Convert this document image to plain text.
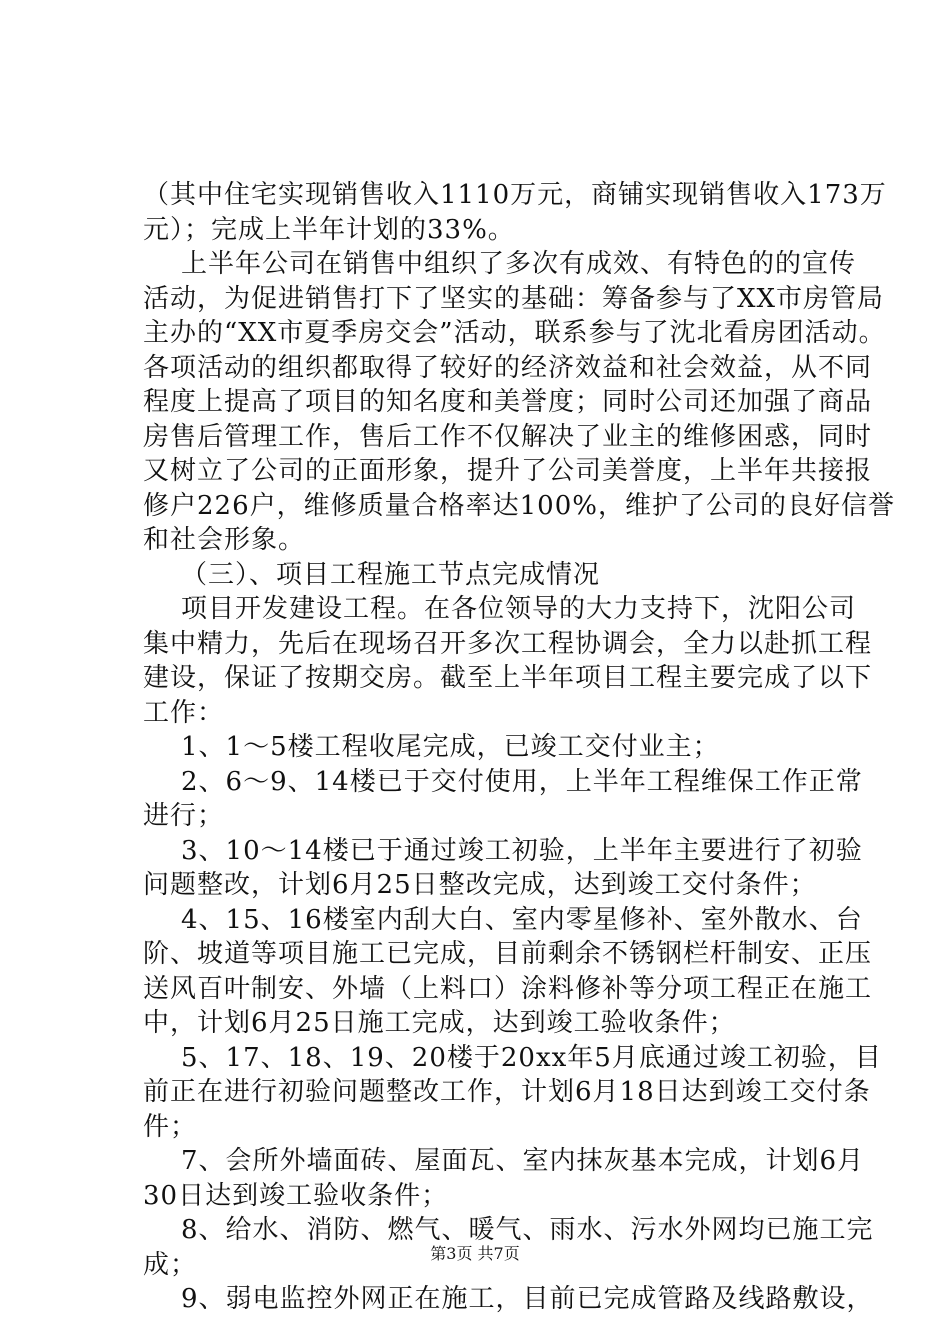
（其中住宅实现销售收入1110万元，商铺实现销售收入173万
元）；完成上半年计划的33%。
上半年公司在销售中组织了多次有成效、有特色的的宣传
活动，为促进销售打下了坚实的基础：筹备参与了XX市房管局
主办的“XX市夏季房交会”活动，联系参与了沈北看房团活动。
各项活动的组织都取得了较好的经济效益和社会效益，从不同
程度上提高了项目的知名度和美誉度；同时公司还加强了商品
房售后管理工作，售后工作不仅解决了业主的维修困惑，同时
又树立了公司的正面形象，提升了公司美誉度，上半年共接报
修户226户，维修质量合格率达100%，维护了公司的良好信誉
和社会形象。
（三）、项目工程施工节点完成情况
项目开发建设工程。在各位领导的大力支持下，沈阳公司
集中精力，先后在现场召开多次工程协调会，全力以赴抓工程
建设，保证了按期交房。截至上半年项目工程主要完成了以下
工作：
1、1～5楼工程收尾完成，已竣工交付业主；
2、6～9、14楼已于交付使用，上半年工程维保工作正常
进行；
3、10～14楼已于通过竣工初验，上半年主要进行了初验
问题整改，计划6月25日整改完成，达到竣工交付条件；
4、15、16楼室内刮大白、室内零星修补、室外散水、台
阶、坡道等项目施工已完成，目前剩余不锈钢栏杆制安、正压
送风百叶制安、外墙（上料口）涂料修补等分项工程正在施工
中，计划6月25日施工完成，达到竣工验收条件；
5、17、18、19、20楼于20xx年5月底通过竣工初验，目
前正在进行初验问题整改工作，计划6月18日达到竣工交付条
件；
7、会所外墙面砖、屋面瓦、室内抹灰基本完成，计划6月
30日达到竣工验收条件；
8、给水、消防、燃气、暖气、雨水、污水外网均已施工完
成；
9、弱电监控外网正在施工，目前已完成管路及线路敷设，
第3页 共7页
